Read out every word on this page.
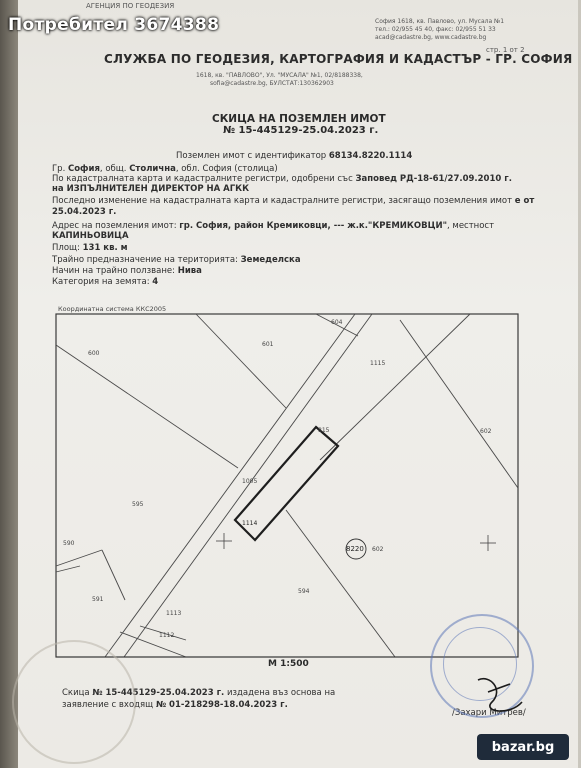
АГЕНЦИЯ ПО ГЕОДЕЗИЯ
София 1618, кв. Павлово, ул. Мусала №1
тел.: 02/955 45 40, факс: 02/955 51 33
acad@cadastre.bg, www.cadastre.bg
стр. 1 от 2
СЛУЖБА ПО ГЕОДЕЗИЯ, КАРТОГРАФИЯ И КАДАСТЪР - ГР. СОФИЯ
1618, кв. "ПАВЛОВО", Ул. "МУСАЛА" №1, 02/8188338,
sofia@cadastre.bg, БУЛСТАТ:130362903
СКИЦА НА ПОЗЕМЛЕН ИМОТ
№ 15-445129-25.04.2023 г.
Поземлен имот с идентификатор 68134.8220.1114
Гр. София, общ. Столична, обл. София (столица)
По кадастралната карта и кадастралните регистри, одобрени със Заповед РД-18-61/27.09.2010 г.
на ИЗПЪЛНИТЕЛЕН ДИРЕКТОР НА АГКК
Последно изменение на кадастралната карта и кадастралните регистри, засягащо поземления имот е от
25.04.2023 г.
Адрес на поземления имот: гр. София, район Кремиковци, --- ж.к."КРЕМИКОВЦИ", местност
КАПИНЬОВИЦА
Площ: 131 кв. м
Трайно предназначение на територията: Земеделска
Начин на трайно ползване: Нива
Категория на земята: 4
Координатна система ККС2005
600
601
604
1115
602
815
1005
595
1114
590
8220 602
591
594
1113
1112
М 1:500
Скица № 15-445129-25.04.2023 г. издадена въз основа на
заявление с входящ № 01-218298-18.04.2023 г.
/Захари Митрев/
Потребител 3674388
bazar.bg
